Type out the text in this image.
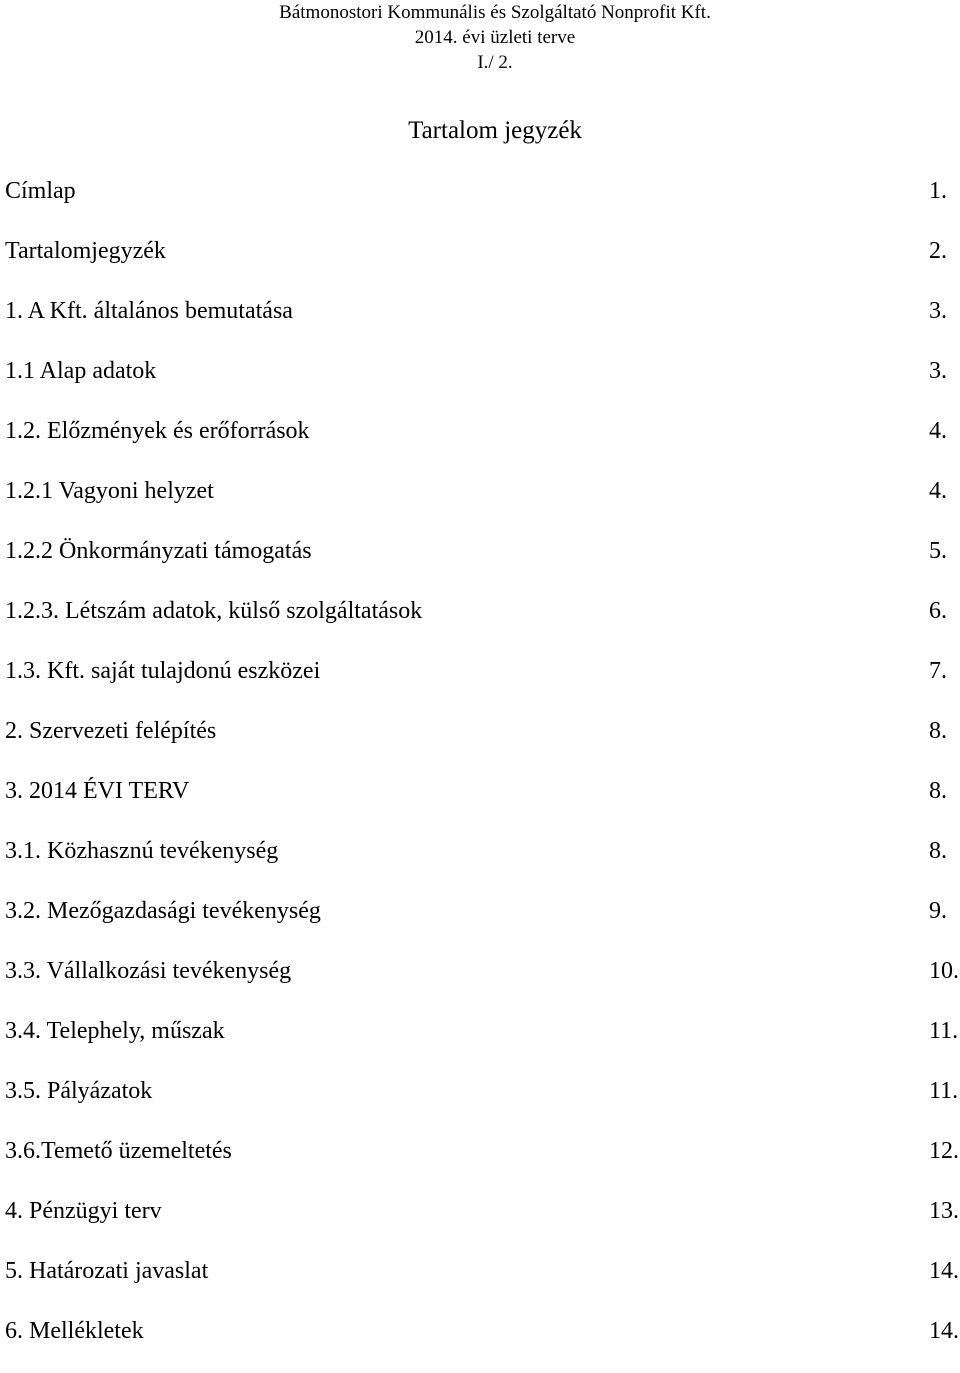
Bátmonostori Kommunális és Szolgáltató Nonprofit Kft.
2014. évi üzleti terve
I./ 2.
Tartalom jegyzék
Címlap	1.
Tartalomjegyzék	2.
1. A Kft. általános bemutatása	3.
1.1 Alap adatok	3.
1.2. Előzmények és erőforrások	4.
1.2.1 Vagyoni helyzet	4.
1.2.2 Önkormányzati támogatás	5.
1.2.3. Létszám adatok, külső szolgáltatások	6.
1.3. Kft. saját tulajdonú eszközei	7.
2. Szervezeti felépítés	8.
3. 2014 ÉVI TERV	8.
3.1. Közhasznú tevékenység	8.
3.2. Mezőgazdasági tevékenység	9.
3.3. Vállalkozási tevékenység	10.
3.4. Telephely, műszak	11.
3.5. Pályázatok	11.
3.6.Temető üzemeltetés	12.
4. Pénzügyi terv	13.
5. Határozati javaslat	14.
6. Mellékletek	14.
